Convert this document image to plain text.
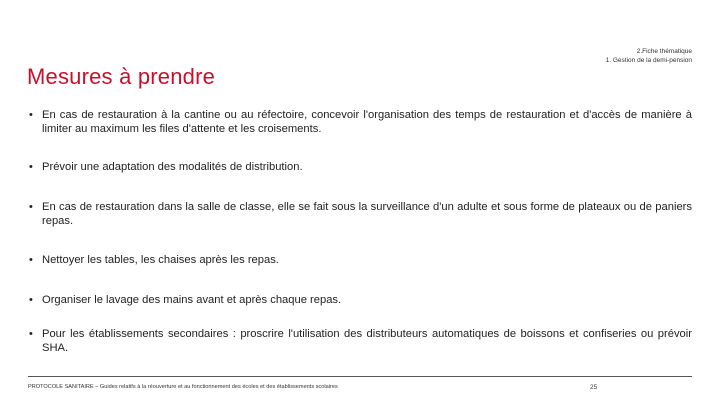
2.Fiche thématique
1. Gestion de la demi-pension
Mesures à prendre
• En cas de restauration à la cantine ou au réfectoire, concevoir l'organisation des temps de restauration et d'accès de manière à limiter au maximum les files d'attente et les croisements.
• Prévoir une adaptation des modalités de distribution.
• En cas de restauration dans la salle de classe, elle se fait sous la surveillance d'un adulte et sous forme de plateaux ou de paniers repas.
• Nettoyer les tables, les chaises après les repas.
• Organiser le lavage des mains avant et après chaque repas.
• Pour les établissements secondaires : proscrire l'utilisation des distributeurs automatiques de boissons et confiseries ou prévoir SHA.
PROTOCOLE SANITAIRE – Guides relatifs à la réouverture et au fonctionnement des écoles et des établissements scolaires	25
